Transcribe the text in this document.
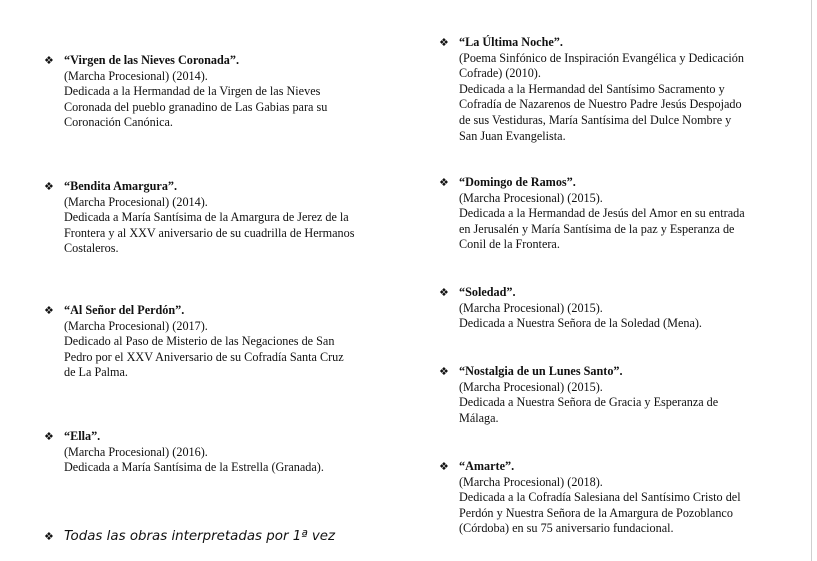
❖ “Virgen de las Nieves Coronada”.
(Marcha Procesional) (2014).
Dedicada a la Hermandad de la Virgen de las Nieves
Coronada del pueblo granadino de Las Gabias para su
Coronación Canónica.
❖ “Bendita Amargura”.
(Marcha Procesional) (2014).
Dedicada a María Santísima de la Amargura de Jerez de la
Frontera y al XXV aniversario de su cuadrilla de Hermanos
Costaleros.
❖ “Al Señor del Perdón”.
(Marcha Procesional) (2017).
Dedicado al Paso de Misterio de las Negaciones de San
Pedro por el XXV Aniversario de su Cofradía Santa Cruz
de La Palma.
❖ “Ella”.
(Marcha Procesional) (2016).
Dedicada a María Santísima de la Estrella (Granada).
❖ “La Última Noche”.
(Poema Sinfónico de Inspiración Evangélica y Dedicación
Cofrade) (2010).
Dedicada a la Hermandad del Santísimo Sacramento y
Cofradía de Nazarenos de Nuestro Padre Jesús Despojado
de sus Vestiduras, María Santísima del Dulce Nombre y
San Juan Evangelista.
❖ “Domingo de Ramos”.
(Marcha Procesional) (2015).
Dedicada a la Hermandad de Jesús del Amor en su entrada
en Jerusalén y María Santísima de la paz y Esperanza de
Conil de la Frontera.
❖ “Soledad”.
(Marcha Procesional) (2015).
Dedicada a Nuestra Señora de la Soledad (Mena).
❖ “Nostalgia de un Lunes Santo”.
(Marcha Procesional) (2015).
Dedicada a Nuestra Señora de Gracia y Esperanza de
Málaga.
❖ “Amarte”.
(Marcha Procesional) (2018).
Dedicada a la Cofradía Salesiana del Santísimo Cristo del
Perdón y Nuestra Señora de la Amargura de Pozoblanco
(Córdoba) en su 75 aniversario fundacional.
❖ Todas las obras interpretadas por 1ª vez
